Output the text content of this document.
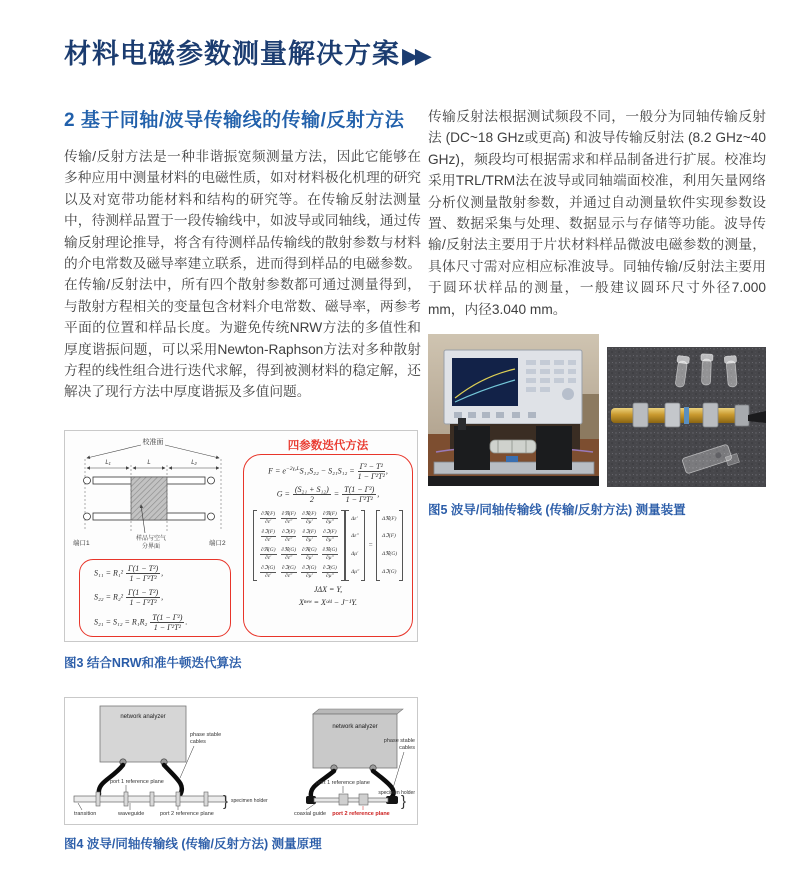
材料电磁参数测量解决方案▶▶
2 基于同轴/波导传输线的传输/反射方法

传输/反射方法是一种非谐振宽频测量方法，因此它能够在多种应用中测量材料的电磁性质，如对材料极化机理的研究以及对宽带功能材料和结构的研究等。在传输反射法测量中，待测样品置于一段传输线中，如波导或同轴线，通过传输反射理论推导，将含有待测样品传输线的散射参数与材料的介电常数及磁导率建立联系，进而得到样品的电磁参数。在传输/反射法中，所有四个散射参数都可通过测量得到，与散射方程相关的变量包含材料介电常数、磁导率，两参考平面的位置和样品长度。为避免传统NRW方法的多值性和厚度谐振问题，可以采用Newton-Raphson方法对多种散射方程的线性组合进行迭代求解，得到被测材料的稳定解，还解决了现行方法中厚度谐振及多值问题。

校准面
L₁	L	L₂
样品与空气
分界面
端口1	端口2
四参数迭代方法
$F = e^{-2\gamma_0L}S_{11}S_{22} - S_{21}S_{12} = \frac{\text{Γ² − T²}}{\text{1 − Γ²T²}}$ ,
$G = \frac{\text{(S₂₁ + S₁₂)}}{2} = \frac{\text{T(1 − Γ²)}}{\text{1 − Γ²T²}}$ ,
∂ℜ(F)
∂ε′
∂ℜ(F)
∂ε″
∂ℜ(F)
∂μ′
∂ℜ(F)
∂μ″
∂ℑ(F)
∂ε′
∂ℑ(F)
∂ε″
∂ℑ(F)
∂μ′
∂ℑ(F)
∂μ″
∂ℜ(G)
∂ε′
∂ℜ(G)
∂ε″
∂ℜ(G)
∂μ′
∂ℜ(G)
∂μ″
∂ℑ(G)
∂ε′
∂ℑ(G)
∂ε″
∂ℑ(G)
∂μ′
∂ℑ(G)
∂μ″
Δε′
Δε″
Δμ′
Δμ″
=
Δℜ(F)
Δℑ(F)
Δℜ(G)
Δℑ(G)
JΔX = Y,
Xⁿᵉʷ = Xᵒˡᵈ − J⁻¹Y.
$S_{11} = R_1^2 \frac{\text{Γ(1 − T²)}}{\text{1 − Γ²T²}}$ ,
$S_{22} = R_2^2 \frac{\text{Γ(1 − T²)}}{\text{1 − Γ²T²}}$ ,
$S_{21} = S_{12} = R_1R_2 \frac{\text{T(1 − Γ²)}}{\text{1 − Γ²T²}}$ .
图3 结合NRW和准牛顿迭代算法
network analyzer
phase stable
cables
port 1 reference plane
} specimen holder
transition	waveguide	port 2 reference plane
network analyzer
phase stable
cables
port 1 reference plane
coaxial guide port 2 reference plane
}
specimen holder
图4 波导/同轴传输线 (传输/反射方法) 测量原理

传输反射法根据测试频段不同，一般分为同轴传输反射法 (DC~18 GHz或更高) 和波导传输反射法 (8.2 GHz~40 GHz)，频段均可根据需求和样品制备进行扩展。校准均采用TRL/TRM法在波导或同轴端面校准，利用矢量网络分析仪测量散射参数，并通过自动测量软件实现参数设置、数据采集与处理、数据显示与存储等功能。波导传输/反射法主要用于片状材料样品微波电磁参数的测量，具体尺寸需对应相应标准波导。同轴传输/反射法主要用于圆环状样品的测量，一般建议圆环尺寸外径7.000 mm，内径3.040 mm。

图5 波导/同轴传输线 (传输/反射方法) 测量装置
